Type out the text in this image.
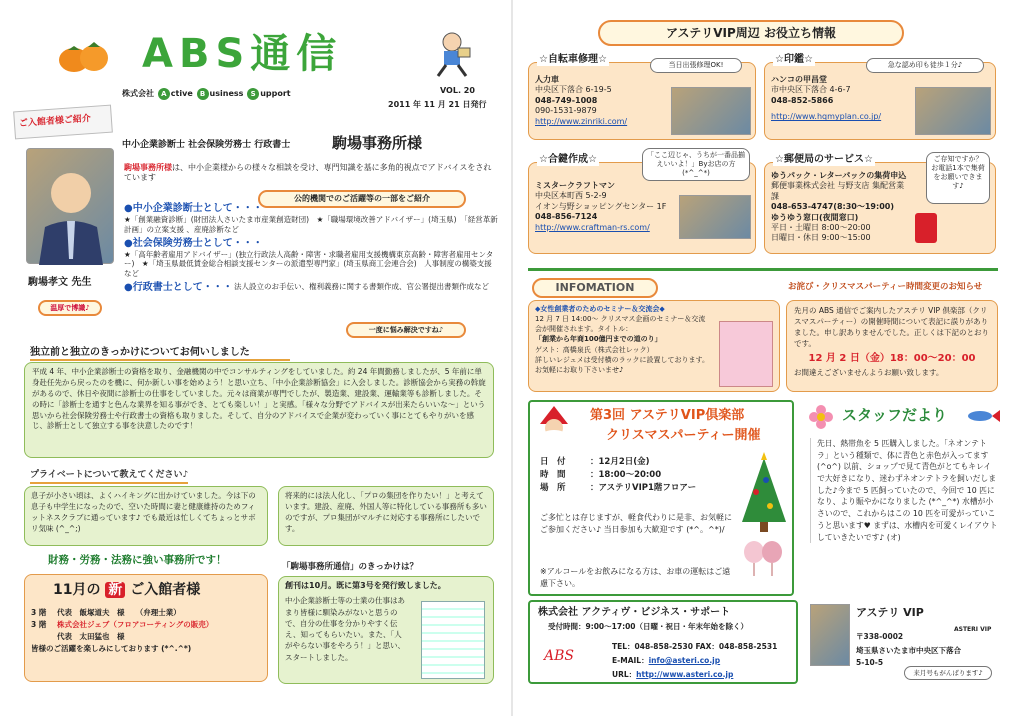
ABS通信
株式会社 A ctive B usiness S upport	VOL. 20
2011 年 11 月 21 日発行
ご入館者様ご紹介
中小企業診断士 社会保険労務士 行政書士	駒場事務所様
駒場事務所様は、中小企業様からの様々な相談を受け、専門知識を基に多角的視点でアドバイスをされています
公的機関でのご活躍等の一部をご紹介
●中小企業診断士として・・・
★「創業融資診断」(財団法人さいたま市産業創造財団)　★「職場環境改善アドバイザー」(埼玉県)　「経営革新計画」の立案支援 、産廃診断など
●社会保険労務士として・・・
★「高年齢者雇用アドバイザー」(独立行政法人高齢・障害・求職者雇用支援機構東京高齢・障害者雇用センター)　★「埼玉県最低賃金総合相談支援センターの派遣型専門家」(埼玉県商工会連合会)　人事制度の構築支援など
●行政書士として・・・ 法人設立のお手伝い、権利義務に関する書類作成、官公署提出書類作成など
駒場孝文 先生
温厚で博識♪
一度に悩み解決ですね♪
独立前と独立のきっかけについてお伺いしました
平成 4 年、中小企業診断士の資格を取り、金融機関の中でコンサルティングをしていました。約 24 年間勤務しましたが、5 年前に単身赴任先から戻ったのを機に、何か新しい事を始めよう！と思い立ち、「中小企業診断協会」に入会しました。診断協会から実務の斡旋があるので、休日や夜間に診断士の仕事をしていました。元々は商業が専門でしたが、製造業、建設業、運輸業等も診断しました。その時に「診断士を通すと色んな業界を知る事ができ、とても楽しい！」と実感。「様々な分野でアドバイスが出来たらいいな～」という思いから社会保険労務士や行政書士の資格も取りました。そして、自分のアドバイスで企業が変わっていく事にとてもやりがいを感じ、診断士として独立する事を決意したのです！
プライベートについて教えてください♪
息子が小さい頃は、よくハイキングに出かけていました。今は下の息子も中学生になったので、空いた時間に妻と健康維持のためフィットネスクラブに通っています♪ でも最近は忙しくてちょっとサボリ気味 (^_^;)
将来的には法人化し、「プロの集団を作りたい！」と考えています。建設、産廃、外国人等に特化している事務所も多いのですが、プロ集団がマルチに対応する事務所にしたいです。
財務・労務・法務に強い事務所です！
11月の 新 ご入館者様
3 階 代表　飯塚道夫　様　　（弁理士業）
3 階 株式会社ジェブ（フロアコーティングの販売）
代表　太田猛也　様
皆様のご活躍を楽しみにしております (*^.^*)
「駒場事務所通信」のきっかけは？
創刊は10月。既に第3号を発行致しました。
中小企業診断士等の士業の仕事はあまり皆様に馴染みがないと思うので、自分の仕事を分かりやすく伝え、知ってもらいたい。また、「人がやらない事をやろう！」と思い、スタートしました。
アステリVIP周辺 お役立ち情報
☆自転車修理☆
人力車
中央区下落合 6-19-5
048-749-1008
090-1531-9879
http://www.zinriki.com/
当日出張修理OK!	☆印鑑☆
ハンコの甲昌堂
市中央区下落合 4-6-7
048-852-5866
http://www.hqmyplan.co.jp/
急な認め印も徒歩１分♪
☆合鍵作成☆
ミスタークラフトマン
中央区本町西 5-2-9
イオン与野ショッピングセンター 1F
048-856-7124
http://www.craftman-rs.com/
「ここ辺じゃ、うちが一番品揃えいいよ！」Byお店の方 (*^_^*)
☆郵便局のサービス☆
ゆうパック・レターパックの集荷申込
郵便事業株式会社 与野支店 集配営業課
048-653-4747(8:30～19:00)
ゆうゆう窓口(夜間窓口)
平日・土曜日 8:00～20:00
日曜日・休日 9:00～15:00
ご存知ですか？お電話1本で集荷をお願いできます♪
INFOMATION
◆女性創業者のためのセミナー＆交流会◆
12 月 7 日 14:00～ クリスマス企画のセミナー＆交流会が開催されます。タイトル：
「創業から年商100億円までの道のり」
ゲスト：高橋泉氏（株式会社レック）
詳しいレジュメは受付横のラックに設置しております。お気軽にお取り下さいませ♪
お詫び・クリスマスパーティー時間変更のお知らせ
先月の ABS 通信でご案内したアステリ VIP 倶楽部（クリスマスパーティー）の開催時間について表記に誤りがありました。申し訳ありませんでした。正しくは下記のとおりです。
12 月 2 日（金）18：00～20：00
お間違えございませんようお願い致します。
第3回 アステリVIP倶楽部
クリスマスパーティー開催
日　付	：12月2日(金)
時　間	：18:00～20:00
場　所	：アステリVIP1階フロアー
ご多忙とは存じますが、軽食代わりに是非、お気軽にご参加ください♪ 当日参加も大歓迎です (*^。^*)/
※アルコールをお飲みになる方は、お車の運転はご遠慮下さい。
スタッフだより
先日、熱帯魚を 5 匹購入しました。「ネオンテトラ」という種類で、体に青色と赤色が入ってます(^o^) 以前、ショップで見て青色がとてもキレイで大好きになり、迷わずネオンテトラを飼いだしました♪今まで 5 匹飼っていたので、今回で 10 匹になり、より賑やかになりました (*^_^*) 水槽が小さいので、これからはこの 10 匹を可愛がっていこうと思います♥ まずは、水槽内を可愛くレイアウトしていきたいです♪ (オ)
株式会社 アクティヴ・ビジネス・サポート
受付時間：9:00～17:00（日曜・祝日・年末年始を除く）
ABS
TEL：048-858-2530 FAX：048-858-2531
E-MAIL：info@asteri.co.jp
URL：http://www.asteri.co.jp
アステリ VIP
ASTERI VIP
〒338-0002
埼玉県さいたま市中央区下落合
5-10-5
来月号もがんばります♪
